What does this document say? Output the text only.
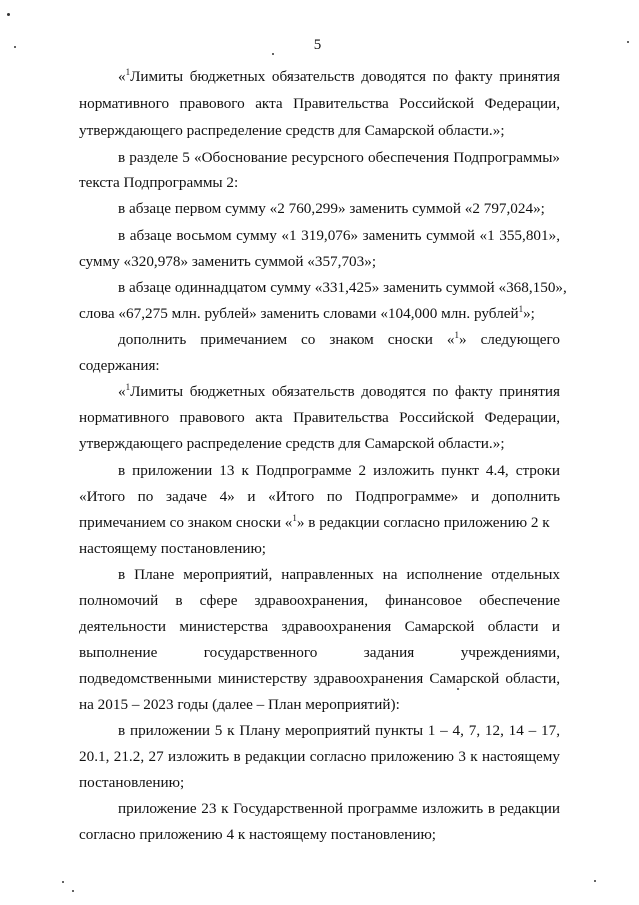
5
«$^1$Лимиты бюджетных обязательств доводятся по факту принятия
нормативного правового акта Правительства Российской Федерации,
утверждающего распределение средств для Самарской области.»;
в разделе 5 «Обоснование ресурсного обеспечения Подпрограммы»
текста Подпрограммы 2:
в абзаце первом сумму «2 760,299» заменить суммой «2 797,024»;
в абзаце восьмом сумму «1 319,076» заменить суммой «1 355,801»,
сумму «320,978» заменить суммой «357,703»;
в абзаце одиннадцатом сумму «331,425» заменить суммой «368,150»,
слова «67,275 млн. рублей» заменить словами «104,000 млн. рублей$^1$»;
дополнить примечанием со знаком сноски «$^1$» следующего
содержания:
«$^1$Лимиты бюджетных обязательств доводятся по факту принятия
нормативного правового акта Правительства Российской Федерации,
утверждающего распределение средств для Самарской области.»;
в приложении 13 к Подпрограмме 2 изложить пункт 4.4, строки
«Итого по задаче 4» и «Итого по Подпрограмме» и дополнить
примечанием со знаком сноски «$^1$» в редакции согласно приложению 2 к
настоящему постановлению;
в Плане мероприятий, направленных на исполнение отдельных
полномочий в сфере здравоохранения, финансовое обеспечение
деятельности министерства здравоохранения Самарской области и
выполнение государственного задания учреждениями,
подведомственными министерству здравоохранения Самарской области,
на 2015 – 2023 годы (далее – План мероприятий):
в приложении 5 к Плану мероприятий пункты 1 – 4, 7, 12, 14 – 17,
20.1, 21.2, 27 изложить в редакции согласно приложению 3 к настоящему
постановлению;
приложение 23 к Государственной программе изложить в редакции
согласно приложению 4 к настоящему постановлению;
